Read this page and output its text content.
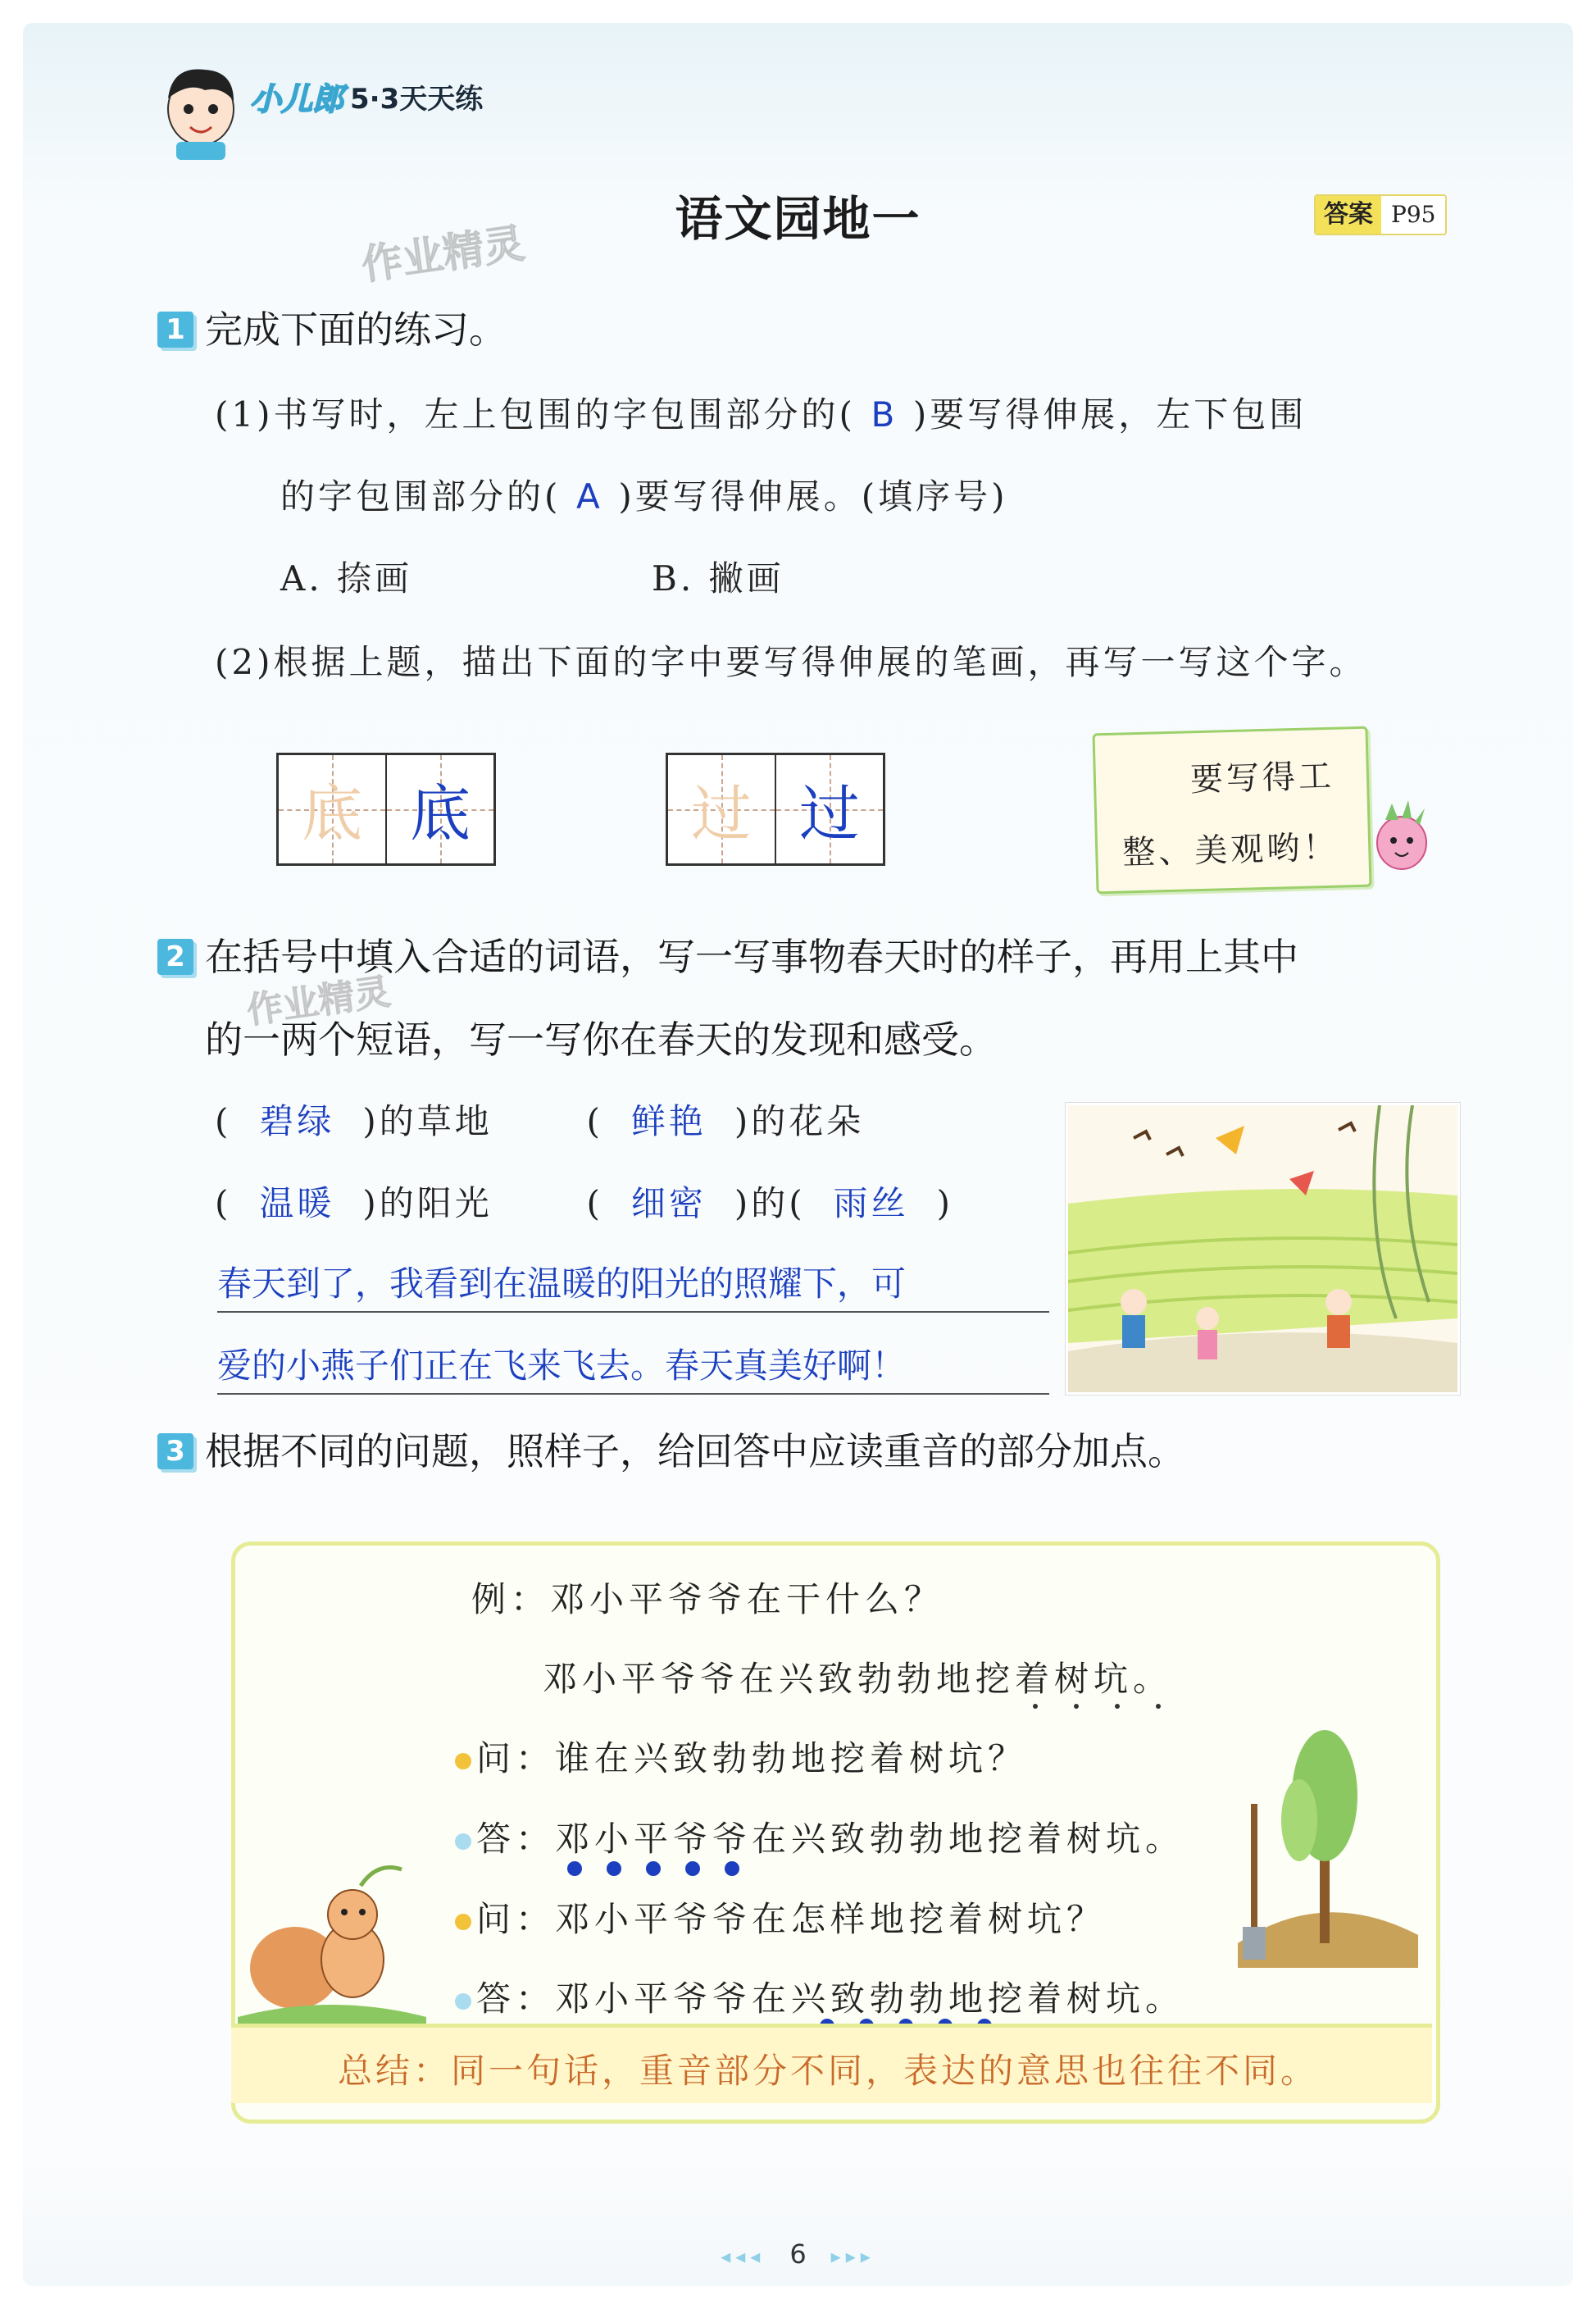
小儿郎 5·3天天练
语文园地一	答案 P95
作业精灵
1 完成下面的练习。
(1)书写时，左上包围的字包围部分的( B )要写得伸展，左下包围
的字包围部分的( A )要写得伸展。(填序号)
A. 捺画	B. 撇画
(2)根据上题，描出下面的字中要写得伸展的笔画，再写一写这个字。
底 底	过 过
要写得工
整、美观哟！
2 在括号中填入合适的词语，写一写事物春天时的样子，再用上其中
的一两个短语，写一写你在春天的发现和感受。
作业精灵
( 碧绿 )的草地	( 鲜艳 )的花朵
( 温暖 )的阳光	( 细密 )的( 雨丝 )
春天到了，我看到在温暖的阳光的照耀下，可
爱的小燕子们正在飞来飞去。春天真美好啊！
3 根据不同的问题，照样子，给回答中应读重音的部分加点。
例：邓小平爷爷在干什么？
邓小平爷爷在兴致勃勃地挖着树坑。
问：谁在兴致勃勃地挖着树坑？
答：邓小平爷爷在兴致勃勃地挖着树坑。
问：邓小平爷爷在怎样地挖着树坑？
答：邓小平爷爷在兴致勃勃地挖着树坑。
总结：同一句话，重音部分不同，表达的意思也往往不同。
◂◂◂ 6 ▸▸▸
